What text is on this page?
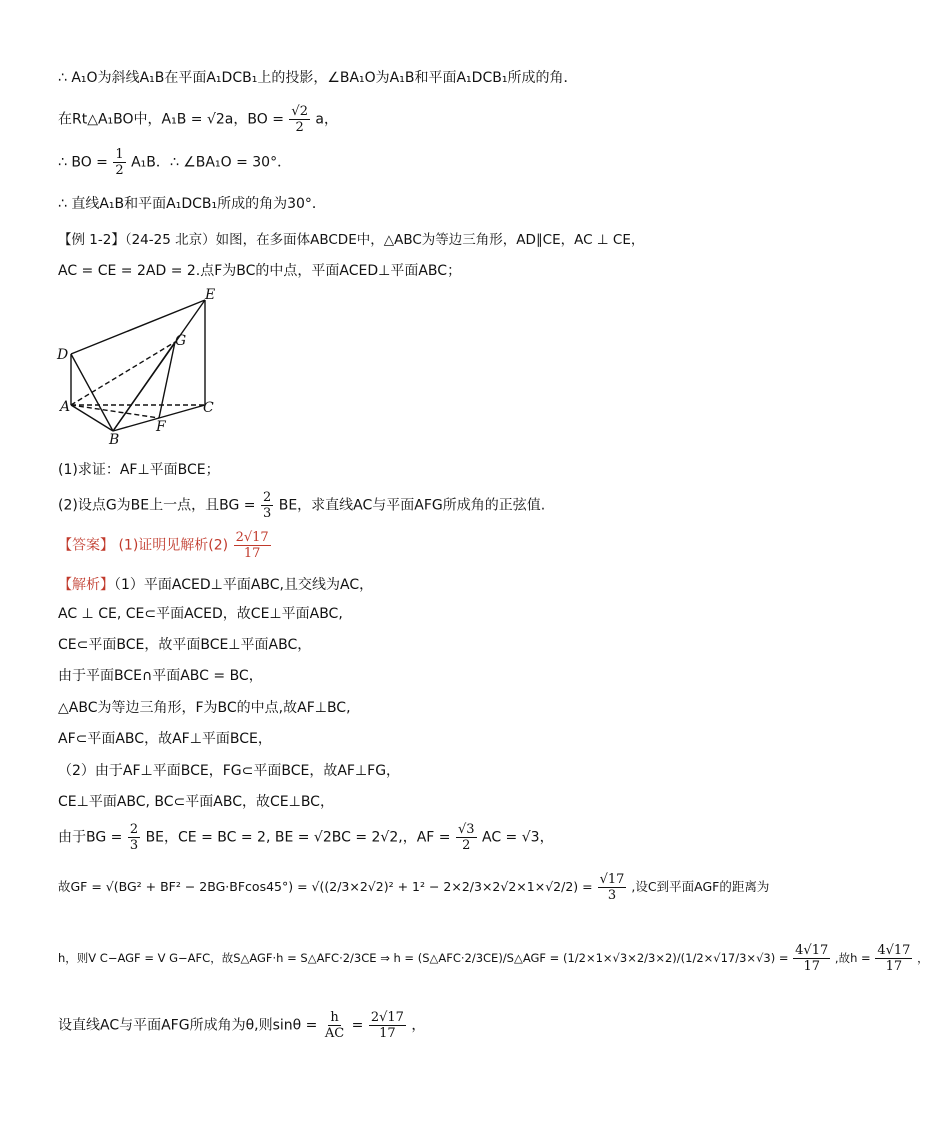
∴ A₁O为斜线A₁B在平面A₁DCB₁上的投影，∠BA₁O为A₁B和平面A₁DCB₁所成的角．
在Rt△A₁BO中，A₁B = √2a，BO = $\frac{√2}{2}$ a，
∴ BO = $\frac{1}{2} A_1B$．∴ ∠BA₁O = 30°．
∴ 直线A₁B和平面A₁DCB₁所成的角为30°．
【例 1-2】（24-25 北京）如图，在多面体ABCDE中，△ABC为等边三角形，AD∥CE，AC ⊥ CE，
AC = CE = 2AD = 2.点F为BC的中点，平面ACED⊥平面ABC；
E
D
G
A	C
B
F
(1)求证：AF⊥平面BCE；
(2)设点G为BE上一点，且BG = $\frac{2}{3}$ BE，求直线AC与平面AFG所成角的正弦值.
【答案】 (1)证明见解析$(2) \frac{2√17}{17}$
【解析】（1）平面ACED⊥平面ABC,且交线为AC，
AC ⊥ CE, CE⊂平面ACED，故CE⊥平面ABC,
CE⊂平面BCE，故平面BCE⊥平面ABC，
由于平面BCE∩平面ABC = BC，
△ABC为等边三角形，F为BC的中点,故AF⊥BC,
AF⊂平面ABC，故AF⊥平面BCE，
（2）由于AF⊥平面BCE，FG⊂平面BCE，故AF⊥FG，
CE⊥平面ABC, BC⊂平面ABC，故CE⊥BC，
由于BG = $\frac{2}{3}$ BE，CE = BC = 2, BE = √2BC = 2√2,，AF = $\frac{√3}{2}$ AC = √3，
故GF = $√(BG^2 + BF^2 - 2BG\cdot BFcos45^\circ) = √((2/3\times 2√2)^2 + 1^2 - 2\times 2/3\times 2√2\times 1\times√2/2) = \frac{√17}{3}$ ,设C到平面AGF的距离为
h，则V C−AGF = V G−AFC，故S△AGF·h = S△AFC·2/3CE ⇒ h = (S△AFC·2/3CE)/S△AGF = $(1/2\times 1\times√3\times 2/3\times 2)/(1/2\times√17/3\times√3) = \frac{4√17}{17}$ ,故$h = \frac{4√17}{17}$ ，
设直线AC与平面AFG所成角为θ,则$\sin\theta = \frac{h}{AC} = \frac{2√17}{17}$ ，
